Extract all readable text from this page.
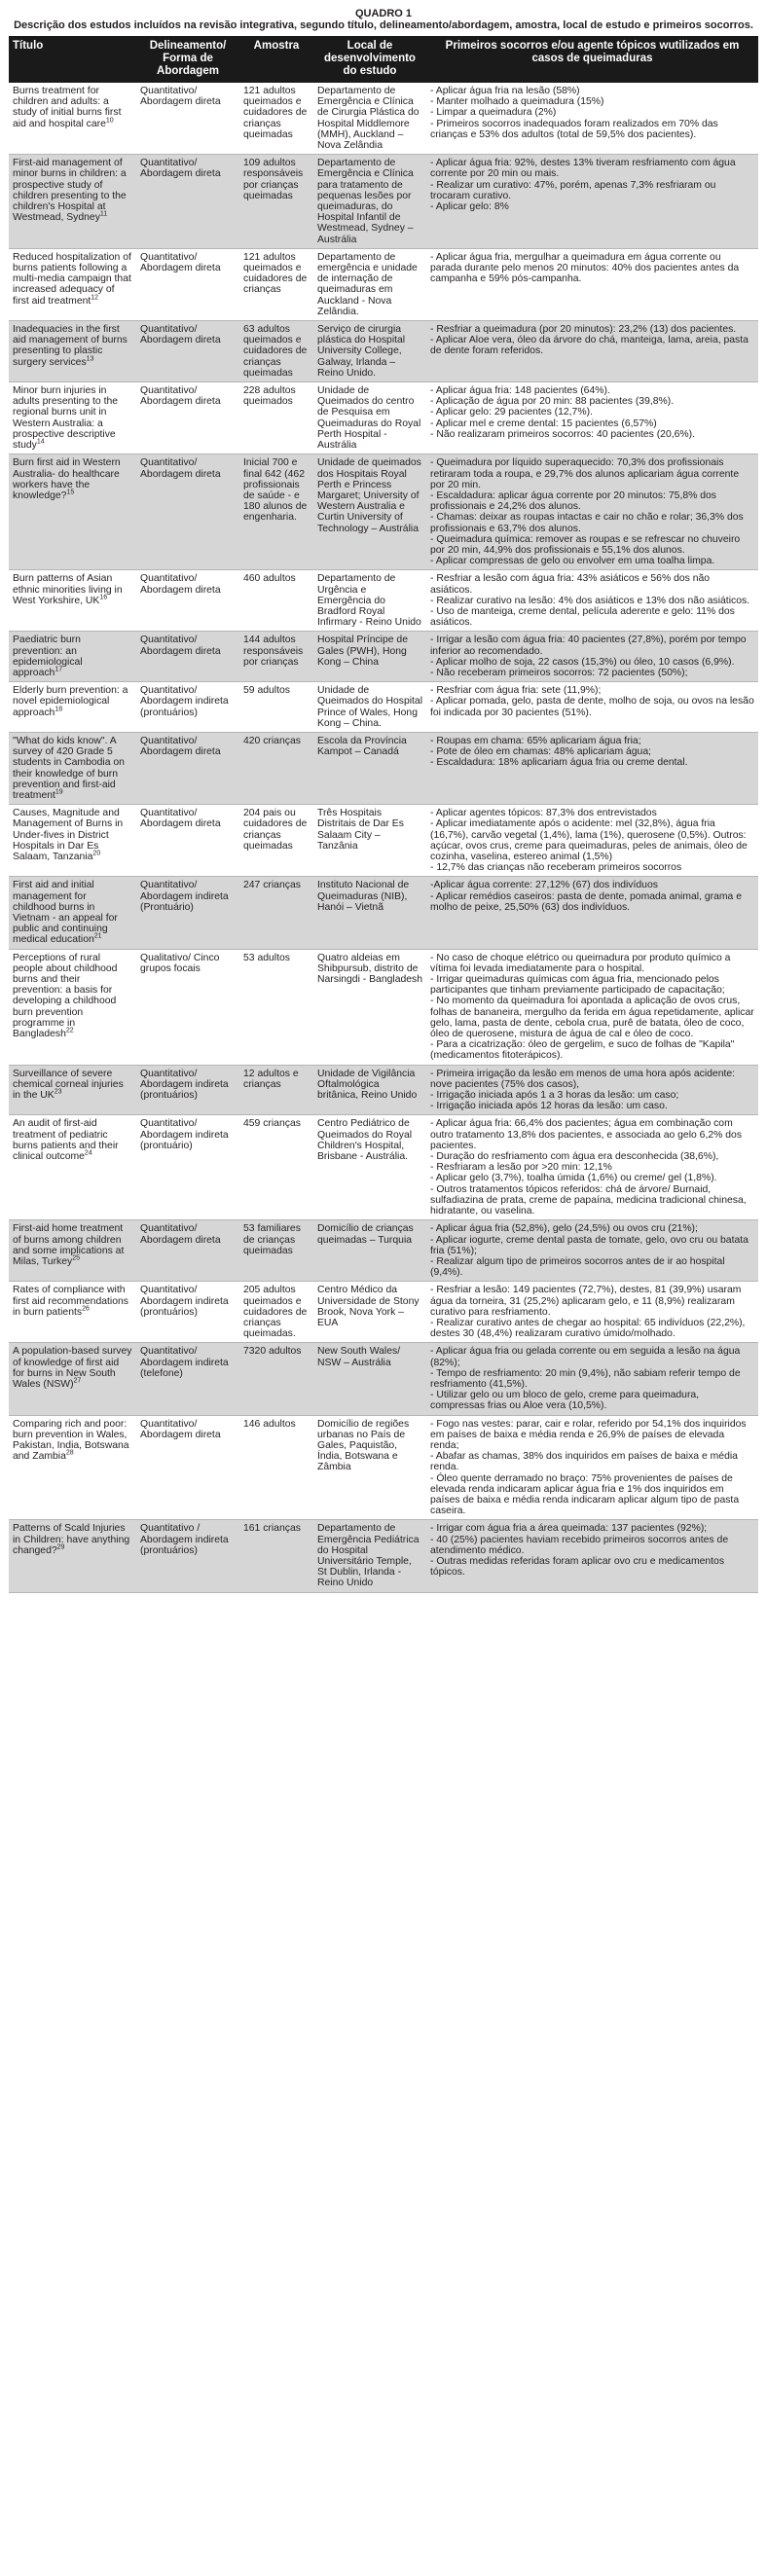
QUADRO 1
Descrição dos estudos incluídos na revisão integrativa, segundo título, delineamento/abordagem, amostra, local de estudo e primeiros socorros.
Título	Delineamento/ Forma de Abordagem	Amostra	Local de desenvolvimento do estudo	Primeiros socorros e/ou agente tópicos wutilizados em casos de queimaduras
Burns treatment for children and adults: a study of initial burns first aid and hospital care$^{10}$	Quantitativo/ Abordagem direta	121 adultos queimados e cuidadores de crianças queimadas	Departamento de Emergência e Clínica de Cirurgia Plástica do Hospital Middlemore (MMH), Auckland – Nova Zelândia	- Aplicar água fria na lesão (58%)
- Manter molhado a queimadura (15%)
- Limpar a queimadura (2%)
- Primeiros socorros inadequados foram realizados em 70% das crianças e 53% dos adultos (total de 59,5% dos pacientes).

First-aid management of minor burns in children: a prospective study of children presenting to the children's Hospital at Westmead, Sydney$^{11}$	Quantitativo/ Abordagem direta	109 adultos responsáveis por crianças queimadas	Departamento de Emergência e Clínica para tratamento de pequenas lesões por queimaduras, do Hospital Infantil de Westmead, Sydney – Austrália	- Aplicar água fria: 92%, destes 13% tiveram resfriamento com água corrente por 20 min ou mais.
- Realizar um curativo: 47%, porém, apenas 7,3% resfriaram ou trocaram curativo.
- Aplicar gelo: 8%

Reduced hospitalization of burns patients following a multi-media campaign that increased adequacy of first aid treatment$^{12}$	Quantitativo/ Abordagem direta	121 adultos queimados e cuidadores de crianças	Departamento de emergência e unidade de internação de queimaduras em Auckland - Nova Zelândia.	- Aplicar água fria, mergulhar a queimadura em água corrente ou parada durante pelo menos 20 minutos: 40% dos pacientes antes da campanha e 59% pós-campanha.

Inadequacies in the first aid management of burns presenting to plastic surgery services$^{13}$	Quantitativo/ Abordagem direta	63 adultos queimados e cuidadores de crianças queimadas	Serviço de cirurgia plástica do Hospital University College, Galway, Irlanda – Reino Unido.	- Resfriar a queimadura (por 20 minutos): 23,2% (13) dos pacientes.
- Aplicar Aloe vera, óleo da árvore do chá, manteiga, lama, areia, pasta de dente foram referidos.

Minor burn injuries in adults presenting to the regional burns unit in Western Australia: a prospective descriptive study$^{14}$	Quantitativo/ Abordagem direta	228 adultos queimados	Unidade de Queimados do centro de Pesquisa em Queimaduras do Royal Perth Hospital - Austrália	- Aplicar água fria: 148 pacientes (64%).
- Aplicação de água por 20 min: 88 pacientes (39,8%).
- Aplicar gelo: 29 pacientes (12,7%).
- Aplicar mel e creme dental: 15 pacientes (6,57%)
- Não realizaram primeiros socorros: 40 pacientes (20,6%).

Burn first aid in Western Australia- do healthcare workers have the knowledge?$^{15}$	Quantitativo/ Abordagem direta	Inicial 700 e final 642 (462 profissionais de saúde - e 180 alunos de engenharia.	Unidade de queimados dos Hospitais Royal Perth e Princess Margaret; University of Western Australia e Curtin University of Technology – Austrália	- Queimadura por líquido superaquecido: 70,3% dos profissionais retiraram toda a roupa, e 29,7% dos alunos aplicariam água corrente por 20 min.
- Escaldadura: aplicar água corrente por 20 minutos: 75,8% dos profissionais e 24,2% dos alunos.
- Chamas: deixar as roupas intactas e cair no chão e rolar; 36,3% dos profissionais e 63,7% dos alunos.
- Queimadura química: remover as roupas e se refrescar no chuveiro por 20 min, 44,9% dos profissionais e 55,1% dos alunos.
- Aplicar compressas de gelo ou envolver em uma toalha limpa.

Burn patterns of Asian ethnic minorities living in West Yorkshire, UK$^{16}$	Quantitativo/ Abordagem direta	460 adultos	Departamento de Urgência e Emergência do Bradford Royal Infirmary - Reino Unido	- Resfriar a lesão com água fria: 43% asiáticos e 56% dos não asiáticos.
- Realizar curativo na lesão: 4% dos asiáticos e 13% dos não asiáticos.
- Uso de manteiga, creme dental, película aderente e gelo: 11% dos asiáticos.

Paediatric burn prevention: an epidemiological approach$^{17}$	Quantitativo/ Abordagem direta	144 adultos responsáveis por crianças	Hospital Príncipe de Gales (PWH), Hong Kong – China	- Irrigar a lesão com água fria: 40 pacientes (27,8%), porém por tempo inferior ao recomendado.
- Aplicar molho de soja, 22 casos (15,3%) ou óleo, 10 casos (6,9%).
- Não receberam primeiros socorros: 72 pacientes (50%);

Elderly burn prevention: a novel epidemiological approach$^{18}$	Quantitativo/ Abordagem indireta (prontuários)	59 adultos	Unidade de Queimados do Hospital Prince of Wales, Hong Kong – China.	- Resfriar com água fria: sete (11,9%);
- Aplicar pomada, gelo, pasta de dente, molho de soja, ou ovos na lesão foi indicada por 30 pacientes (51%).

"What do kids know". A survey of 420 Grade 5 students in Cambodia on their knowledge of burn prevention and first-aid treatment$^{19}$	Quantitativo/ Abordagem direta	420 crianças	Escola da Província Kampot – Canadá	- Roupas em chama: 65% aplicariam água fria;
- Pote de óleo em chamas: 48% aplicariam água;
- Escaldadura: 18% aplicariam água fria ou creme dental.

Causes, Magnitude and Management of Burns in Under-fives in District Hospitals in Dar Es Salaam, Tanzania$^{20}$	Quantitativo/ Abordagem direta	204 pais ou cuidadores de crianças queimadas	Três Hospitais Distritais de Dar Es Salaam City – Tanzânia	- Aplicar agentes tópicos: 87,3% dos entrevistados
- Aplicar imediatamente após o acidente: mel (32,8%), água fria (16,7%), carvão vegetal (1,4%), lama (1%), querosene (0,5%). Outros: açúcar, ovos crus, creme para queimaduras, peles de animais, óleo de cozinha, vaselina, estereo animal (1,5%)
- 12,7% das crianças não receberam primeiros socorros

First aid and initial management for childhood burns in Vietnam - an appeal for public and continuing medical education$^{21}$	Quantitativo/ Abordagem indireta (Prontuário)	247 crianças	Instituto Nacional de Queimaduras (NIB), Hanói – Vietnã	-Aplicar água corrente: 27,12% (67) dos indivíduos
- Aplicar remédios caseiros: pasta de dente, pomada animal, grama e molho de peixe, 25,50% (63) dos indivíduos.

Perceptions of rural people about childhood burns and their prevention: a basis for developing a childhood burn prevention programme in Bangladesh$^{22}$	Qualitativo/ Cinco grupos focais	53 adultos	Quatro aldeias em Shibpursub, distrito de Narsingdi - Bangladesh	- No caso de choque elétrico ou queimadura por produto químico a vítima foi levada imediatamente para o hospital.
- Irrigar queimaduras químicas com água fria, mencionado pelos participantes que tinham previamente participado de capacitação;
- No momento da queimadura foi apontada a aplicação de ovos crus, folhas de bananeira, mergulho da ferida em água repetidamente, aplicar gelo, lama, pasta de dente, cebola crua, purê de batata, óleo de coco, óleo de querosene, mistura de água de cal e óleo de coco.
- Para a cicatrização: óleo de gergelim, e suco de folhas de "Kapila" (medicamentos fitoterápicos).

Surveillance of severe chemical corneal injuries in the UK$^{23}$	Quantitativo/ Abordagem indireta (prontuários)	12 adultos e crianças	Unidade de Vigilância Oftalmológica britânica, Reino Unido	- Primeira irrigação da lesão em menos de uma hora após acidente: nove pacientes (75% dos casos),
- Irrigação iniciada após 1 a 3 horas da lesão: um caso;
- Irrigação iniciada após 12 horas da lesão: um caso.

An audit of first-aid treatment of pediatric burns patients and their clinical outcome$^{24}$	Quantitativo/ Abordagem indireta (prontuário)	459 crianças	Centro Pediátrico de Queimados do Royal Children's Hospital, Brisbane - Austrália.	- Aplicar água fria: 66,4% dos pacientes; água em combinação com outro tratamento 13,8% dos pacientes, e associada ao gelo 6,2% dos pacientes.
- Duração do resfriamento com água era desconhecida (38,6%),
- Resfriaram a lesão por >20 min: 12,1%
- Aplicar gelo (3,7%), toalha úmida (1,6%) ou creme/ gel (1,8%).
- Outros tratamentos tópicos referidos: chá de árvore/ Burnaid, sulfadiazina de prata, creme de papaína, medicina tradicional chinesa, hidratante, ou vaselina.

First-aid home treatment of burns among children and some implications at Milas, Turkey$^{25}$	Quantitativo/ Abordagem direta	53 familiares de crianças queimadas	Domicílio de crianças queimadas – Turquia	- Aplicar água fria (52,8%), gelo (24,5%) ou ovos cru (21%);
- Aplicar iogurte, creme dental pasta de tomate, gelo, ovo cru ou batata fria (51%);
- Realizar algum tipo de primeiros socorros antes de ir ao hospital (9,4%).

Rates of compliance with first aid recommendations in burn patients$^{26}$	Quantitativo/ Abordagem indireta (prontuários)	205 adultos queimados e cuidadores de crianças queimadas.	Centro Médico da Universidade de Stony Brook, Nova York – EUA	- Resfriar a lesão: 149 pacientes (72,7%), destes, 81 (39,9%) usaram água da torneira, 31 (25,2%) aplicaram gelo, e 11 (8,9%) realizaram curativo para resfriamento.
- Realizar curativo antes de chegar ao hospital: 65 indivíduos (22,2%), destes 30 (48,4%) realizaram curativo úmido/molhado.

A population-based survey of knowledge of first aid for burns in New South Wales (NSW)$^{27}$	Quantitativo/ Abordagem indireta (telefone)	7320 adultos	New South Wales/ NSW – Austrália	- Aplicar água fria ou gelada corrente ou em seguida a lesão na água (82%);
- Tempo de resfriamento: 20 min (9,4%), não sabiam referir tempo de resfriamento (41,5%).
- Utilizar gelo ou um bloco de gelo, creme para queimadura, compressas frias ou Aloe vera (10,5%).

Comparing rich and poor: burn prevention in Wales, Pakistan, India, Botswana and Zambia$^{28}$	Quantitativo/ Abordagem direta	146 adultos	Domicílio de regiões urbanas no País de Gales, Paquistão, Índia, Botswana e Zâmbia	- Fogo nas vestes: parar, cair e rolar, referido por 54,1% dos inquiridos em países de baixa e média renda e 26,9% de países de elevada renda;
- Abafar as chamas, 38% dos inquiridos em países de baixa e média renda.
- Óleo quente derramado no braço: 75% provenientes de países de elevada renda indicaram aplicar água fria e 1% dos inquiridos em países de baixa e média renda indicaram aplicar algum tipo de pasta caseira.

Patterns of Scald Injuries in Children: have anything changed?$^{29}$	Quantitativo / Abordagem indireta (prontuários)	161 crianças	Departamento de Emergência Pediátrica do Hospital Universitário Temple, St Dublin, Irlanda - Reino Unido	- Irrigar com água fria a área queimada: 137 pacientes (92%);
- 40 (25%) pacientes haviam recebido primeiros socorros antes de atendimento médico.
- Outras medidas referidas foram aplicar ovo cru e medicamentos tópicos.
